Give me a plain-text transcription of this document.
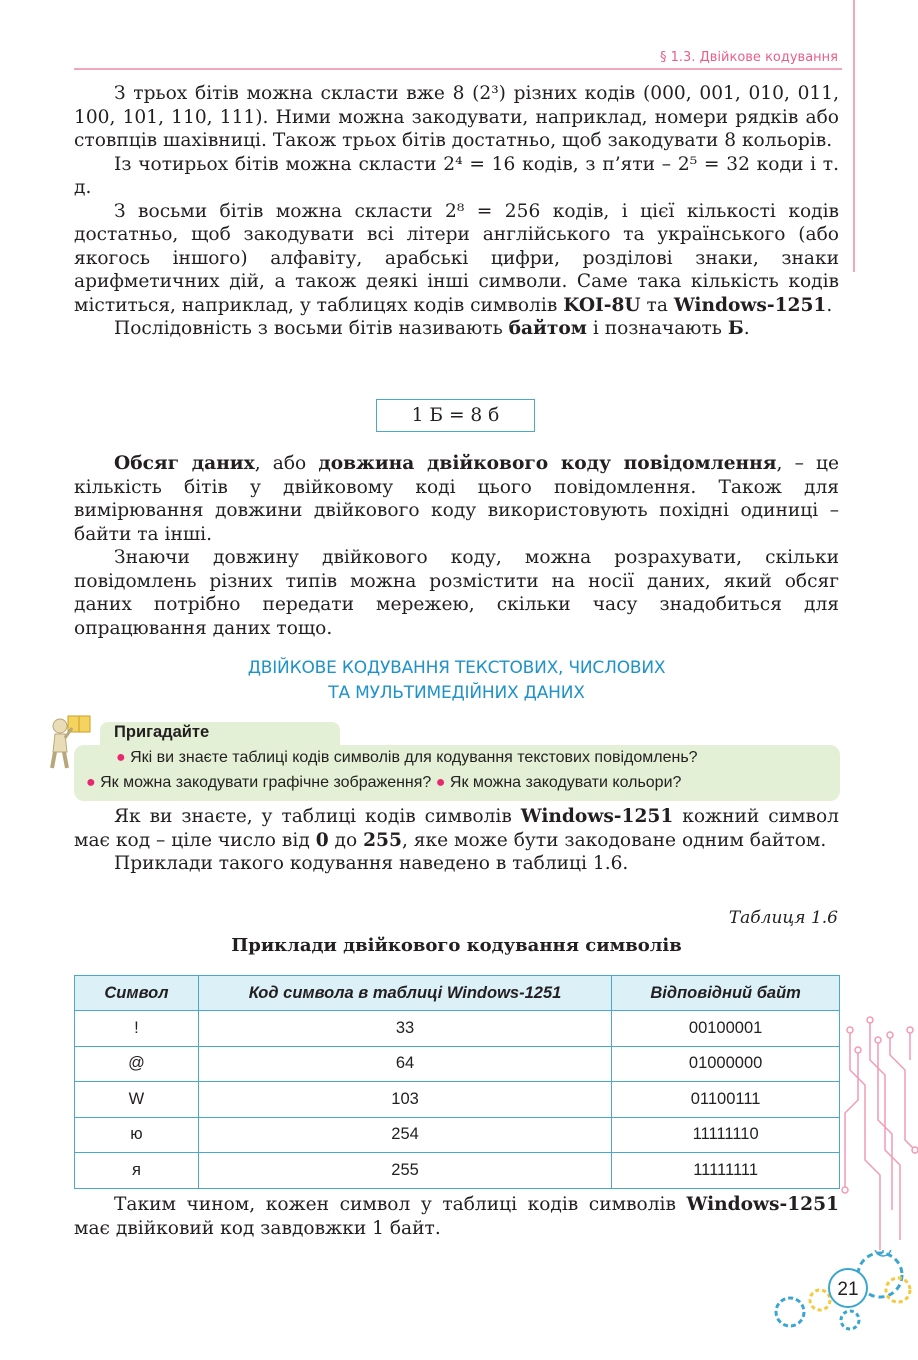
§ 1.3. Двійкове кодування

З трьох бітів можна скласти вже 8 (2³) різних кодів (000, 001, 010, 011, 100, 101, 110, 111). Ними можна закодувати, наприклад, номери рядків або стовпців шахівниці. Також трьох бітів достатньо, щоб закодувати 8 кольорів.

Із чотирьох бітів можна скласти 2⁴ = 16 кодів, з п’яти – 2⁵ = 32 коди і т. д.

З восьми бітів можна скласти 2⁸ = 256 кодів, і цієї кількості кодів достатньо, щоб закодувати всі літери англійського та українського (або якогось іншого) алфавіту, арабські цифри, розділові знаки, знаки арифметичних дій, а також деякі інші символи. Саме така кількість кодів міститься, наприклад, у таблицях кодів символів KOI-8U та Windows-1251.

Послідовність з восьми бітів називають байтом і позначають Б.

1 Б = 8 б

Обсяг даних, або довжина двійкового коду повідомлення, – це кількість бітів у двійковому коді цього повідомлення. Також для вимірювання довжини двійкового коду використовують похідні одиниці – байти та інші.

Знаючи довжину двійкового коду, можна розрахувати, скільки повідомлень різних типів можна розмістити на носії даних, який обсяг даних потрібно передати мережею, скільки часу знадобиться для опрацювання даних тощо.

ДВІЙКОВЕ КОДУВАННЯ ТЕКСТОВИХ, ЧИСЛОВИХ
ТА МУЛЬТИМЕДІЙНИХ ДАНИХ
Пригадайте
● Які ви знаєте таблиці кодів символів для кодування текстових повідомлень?
● Як можна закодувати графічне зображення? ● Як можна закодувати кольори?

Як ви знаєте, у таблиці кодів символів Windows-1251 кожний символ має код – ціле число від 0 до 255, яке може бути закодоване одним байтом.

Приклади такого кодування наведено в таблиці 1.6.

Таблиця 1.6
Приклади двійкового кодування символів
Символ	Код символа в таблиці Windows-1251	Відповідний байт
!	33	00100001
@	64	01000000
W	103	01100111
ю	254	11111110
я	255	11111111

Таким чином, кожен символ у таблиці кодів символів Windows-1251 має двійковий код завдовжки 1 байт.

21
